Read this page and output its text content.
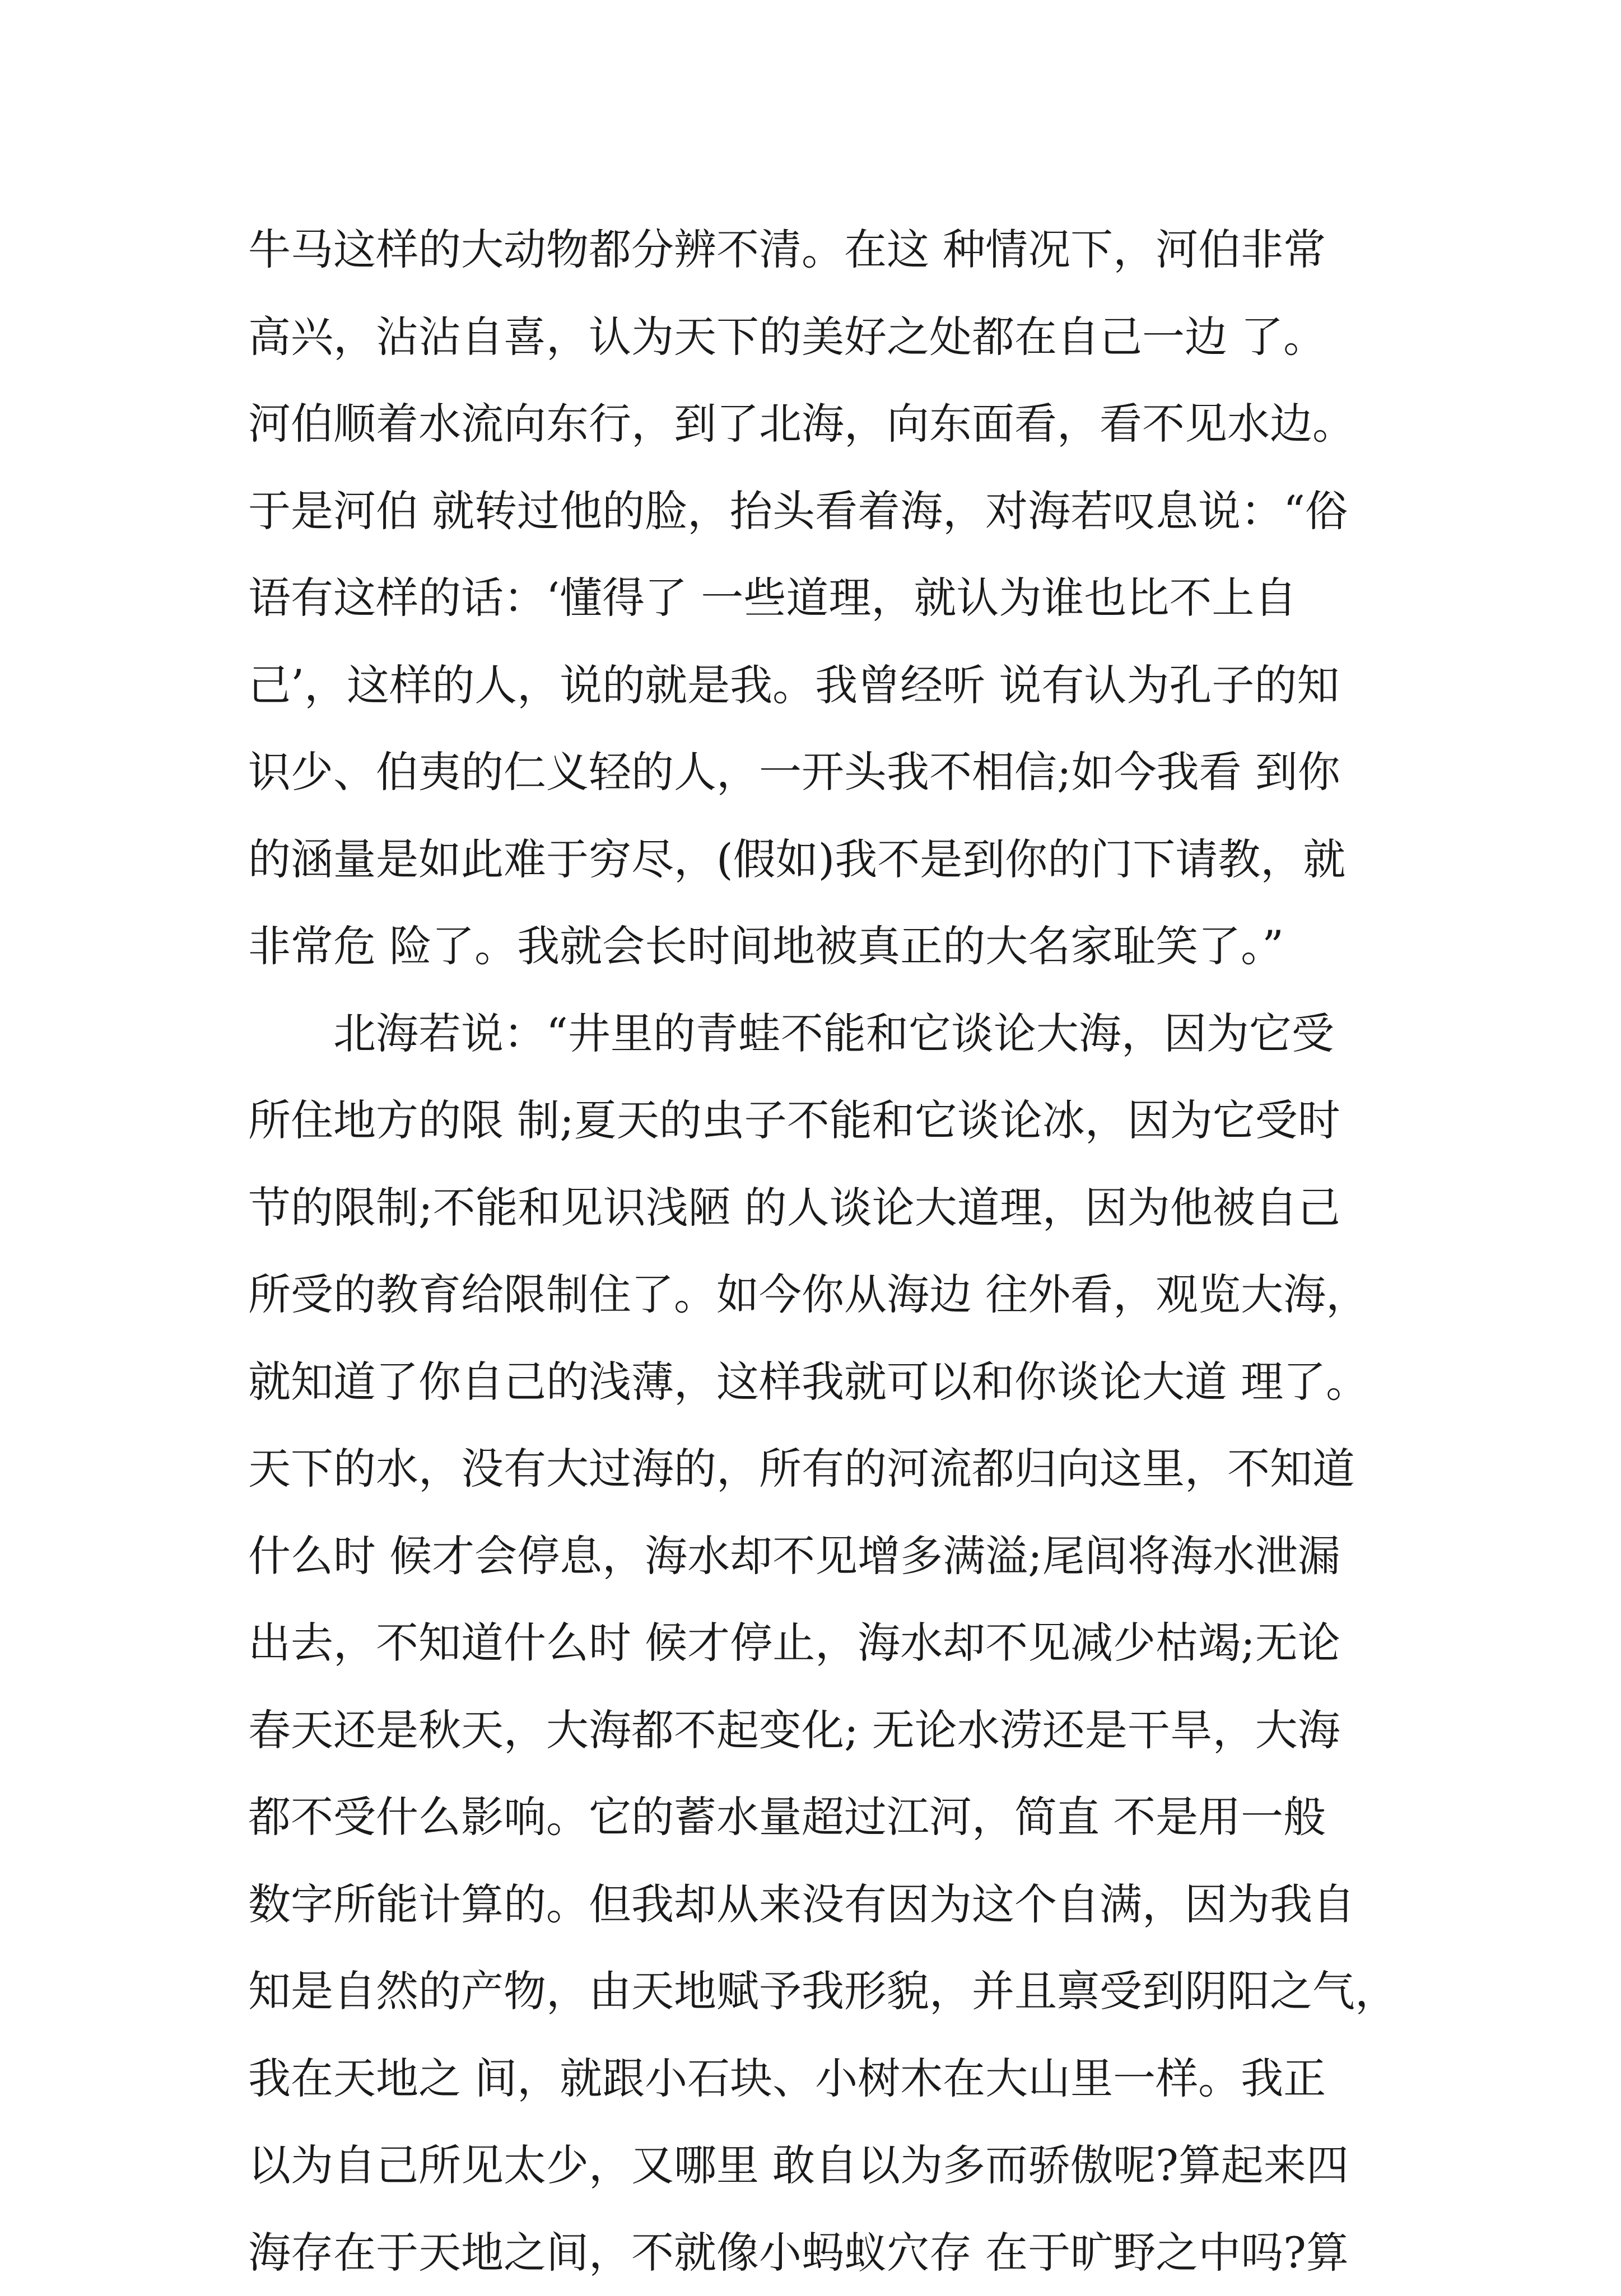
牛马这样的大动物都分辨不清。在这 种情况下，河伯非常
高兴，沾沾自喜，认为天下的美好之处都在自己一边 了。
河伯顺着水流向东行，到了北海，向东面看，看不见水边。
于是河伯 就转过他的脸，抬头看着海，对海若叹息说：“俗
语有这样的话：‘懂得了 一些道理，就认为谁也比不上自
己’，这样的人，说的就是我。我曾经听 说有认为孔子的知
识少、伯夷的仁义轻的人，一开头我不相信;如今我看 到你
的涵量是如此难于穷尽，(假如)我不是到你的门下请教，就
非常危 险了。我就会长时间地被真正的大名家耻笑了。”
北海若说：“井里的青蛙不能和它谈论大海，因为它受
所住地方的限 制;夏天的虫子不能和它谈论冰，因为它受时
节的限制;不能和见识浅陋 的人谈论大道理，因为他被自己
所受的教育给限制住了。如今你从海边 往外看，观览大海，
就知道了你自己的浅薄，这样我就可以和你谈论大道 理了。
天下的水，没有大过海的，所有的河流都归向这里，不知道
什么时 候才会停息，海水却不见增多满溢;尾闾将海水泄漏
出去，不知道什么时 候才停止，海水却不见减少枯竭;无论
春天还是秋天，大海都不起变化; 无论水涝还是干旱，大海
都不受什么影响。它的蓄水量超过江河，简直 不是用一般
数字所能计算的。但我却从来没有因为这个自满，因为我自
知是自然的产物，由天地赋予我形貌，并且禀受到阴阳之气，
我在天地之 间，就跟小石块、小树木在大山里一样。我正
以为自己所见太少，又哪里 敢自以为多而骄傲呢?算起来四
海存在于天地之间，不就像小蚂蚁穴存 在于旷野之中吗?算
